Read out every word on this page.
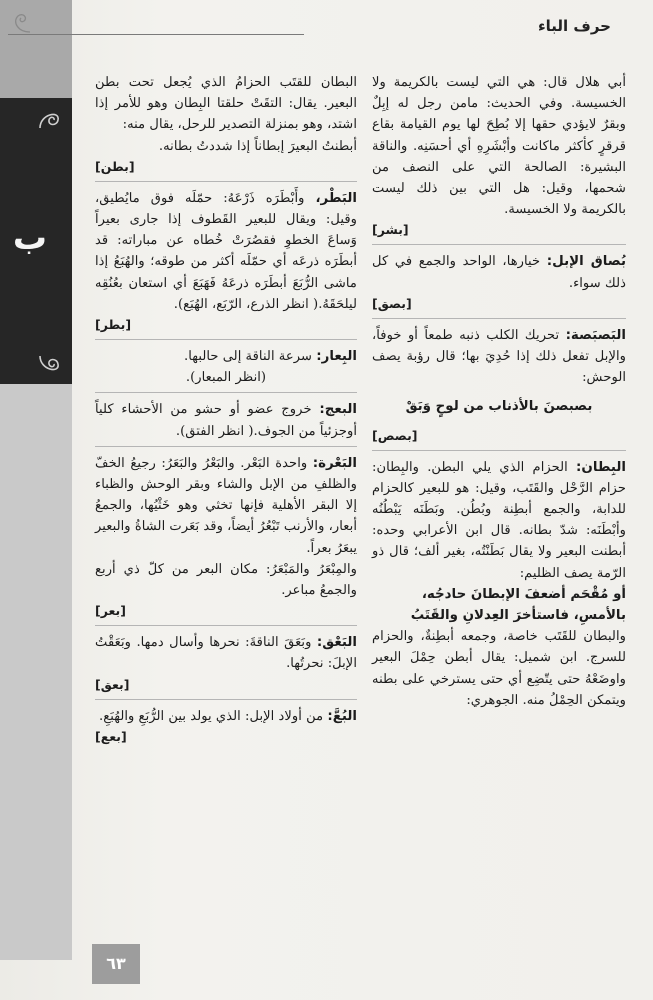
ب
حرف الباء

أبي هلال قال: هي التي ليست بالكريمة ولا الخسيسة. وفي الحديث: مامن رجل له إبِلٌ وبقرٌ لايؤدي حقها إلا بُطِحَ لها يوم القيامة بقاع قرقرٍ كأكثر ماكانت وأبْشَرِهِ أي أحسَنِه. والناقة البشيرة: الصالحة التي على النصف من شحمها، وقيل: هل التي بين ذلك ليست بالكريمة ولا الخسيسة.

[بشر]

بُصاق الإبل: خيارها، الواحد والجمع في كل ذلك سواء.

[بصق]

البَصبَصة: تحريك الكلب ذنبه طمعاً أو خوفاً، والإبل تفعل ذلك إذا حُدِيَ بها؛ قال رؤبة يصف الوحش:

بصبصنَ بالأذناب من لوحٍ وَبَقْ

[بصص]

البِطان: الحزام الذي يلي البطن. والبِطان: حزام الرَّحْل والقَتَب، وقيل: هو للبعير كالحزام للدابة، والجمع أبطِنة وبُطُن. وبَطَنَه يَبْطُنُه وأبْطَنَه: شدّ بطانه. قال ابن الأعرابي وحده: أبطنت البعير ولا يقال بَطَنْتُه، بغير ألف؛ قال ذو الرّمة يصف الظليم:

أو مُقْحَم أضعفَ الإبطانَ حادجُه،

بالأمسِ، فاستأخرَ العِدلانِ والقَتَبُ

والبطان للقَتَب خاصة، وجمعه أبطِنةٌ، والحزام للسرج. ابن شميل: يقال أبطن حِمْلَ البعير واوضَعْهُ حتى يتّضِع أي حتى يسترخي على بطنه ويتمكن الحِمْلُ منه. الجوهري:

البطان للقتَب الحزامُ الذي يُجعل تحت بطن البعير. يقال: التقَتْ حلقتا البِطان وهو للأمر إذا اشتد، وهو بمنزلة التصدير للرحل، يقال منه:

أبطنتُ البعيرَ إبطاناً إذا شددتُ بطانه.

[بطن]

البَطْر، وأَبْطَرَه ذَرْعَهُ: حمّلَه فوق مايُطيق، وقيل: ويقال للبعير القَطوف إذا جارى بعيراً وَساعَ الخطوِ فقصُرَتْ خُطاه عن مباراته: قد أبطَرَه ذرعَه أي حمّلَه أكثر من طوقه؛ والهُبَعُ إذا ماشى الرُّبَعَ أبطَرَه ذرعَهُ فَهَبَعَ أي استعان بعُنُقِه ليلحَقَهُ.( انظر الذرع، الرّبَع، الهُبَع).

[بطر]

البِعار: سرعة الناقة إلى حالبها.

(انظر المبعار).

البعج: خروج عضو أو حشو من الأحشاء كلياً أوجزئياً من الجوف.( انظر الفتق).

البَعْرة: واحدة البَعْر. والبَعْرُ والبَعَرُ: رجيعُ الخفّ والظلفِ من الإبل والشاء وبقر الوحش والظباء إلا البقر الأهلية فإنها تخثي وهو خَثْيُها، والجمعُ أبعار، والأرنب تَبْعُرُ أيضاً، وقد بَعَرت الشاةُ والبعير يبعَرُ بعراً.

والمِبْعَرُ والمَبْعَرُ: مكان البعر من كلّ ذي أربع والجمعُ مباعر.

[بعر]

البَعْق: وبَعَقَ الناقةَ: نحرها وأسال دمها. وبَعَقْتُ الإبلَ: نحرتُها.

[بعق]

البُعَّ: من أولاد الإبل: الذي يولد بين الرُّبَعِ والهُبَعِ.

[بعع]
٦٣
